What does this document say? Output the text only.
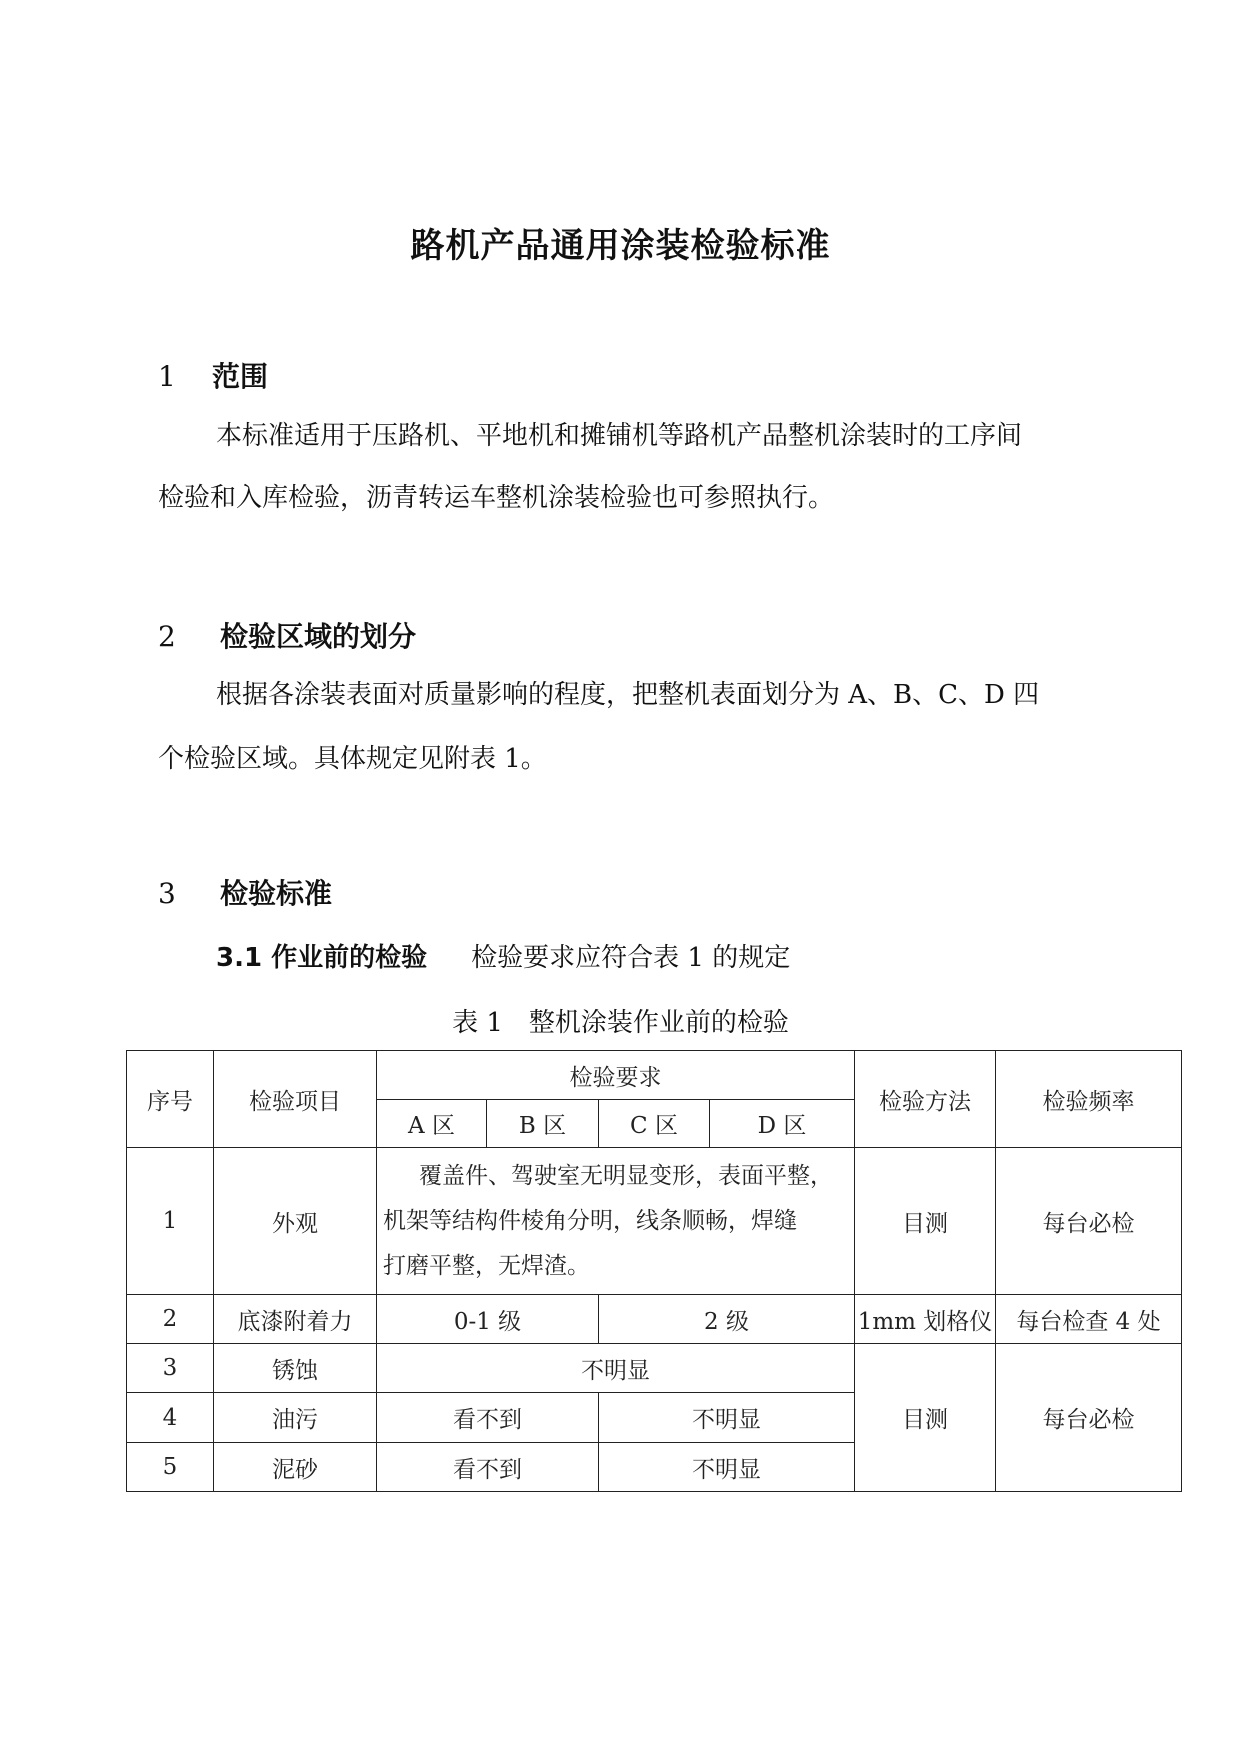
路机产品通用涂装检验标准
1 范围
本标准适用于压路机、平地机和摊铺机等路机产品整机涂装时的工序间
检验和入库检验，沥青转运车整机涂装检验也可参照执行。
2 检验区域的划分
根据各涂装表面对质量影响的程度，把整机表面划分为 A、B、C、D 四
个检验区域。具体规定见附表 1。
3 检验标准
3.1 作业前的检验 检验要求应符合表 1 的规定
表 1　整机涂装作业前的检验
序号	检验项目	检验要求				检验方法	检验频率
		A 区	B 区	C 区	D 区		
1	外观	覆盖件、驾驶室无明显变形，表面平整，
机架等结构件棱角分明，线条顺畅，焊缝
打磨平整，无焊渣。				目测	每台必检
2	底漆附着力	0-1 级		2 级		1mm 划格仪	每台检查 4 处
3	锈蚀	不明显				目测	每台必检
4	油污	看不到		不明显			
5	泥砂	看不到		不明显			
